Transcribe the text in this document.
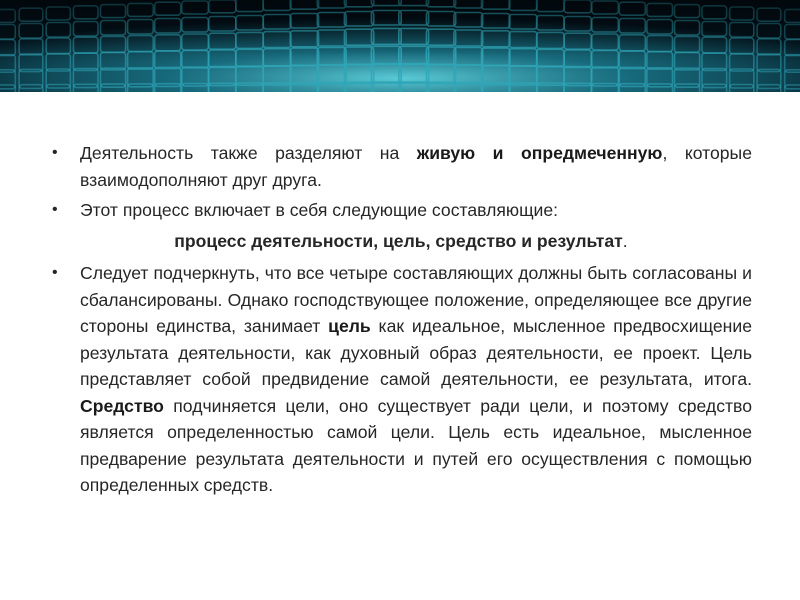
•	Деятельность также разделяют на живую и опредмеченную, которые взаимодополняют друг друга.

•	Этот процесс включает в себя следующие составляющие:

процесс деятельности, цель, средство и результат.
•	Следует подчеркнуть, что все четыре составляющих должны быть согласованы и сбалансированы. Однако господствующее положение, определяющее все другие стороны единства, занимает цель как идеальное, мысленное предвосхищение результата деятельности, как духовный образ деятельности, ее проект. Цель представляет собой предвидение самой деятельности, ее результата, итога. Средство подчиняется цели, оно существует ради цели, и поэтому средство является определенностью самой цели. Цель есть идеальное, мысленное предварение результата деятельности и путей его осуществления с помощью определенных средств.
